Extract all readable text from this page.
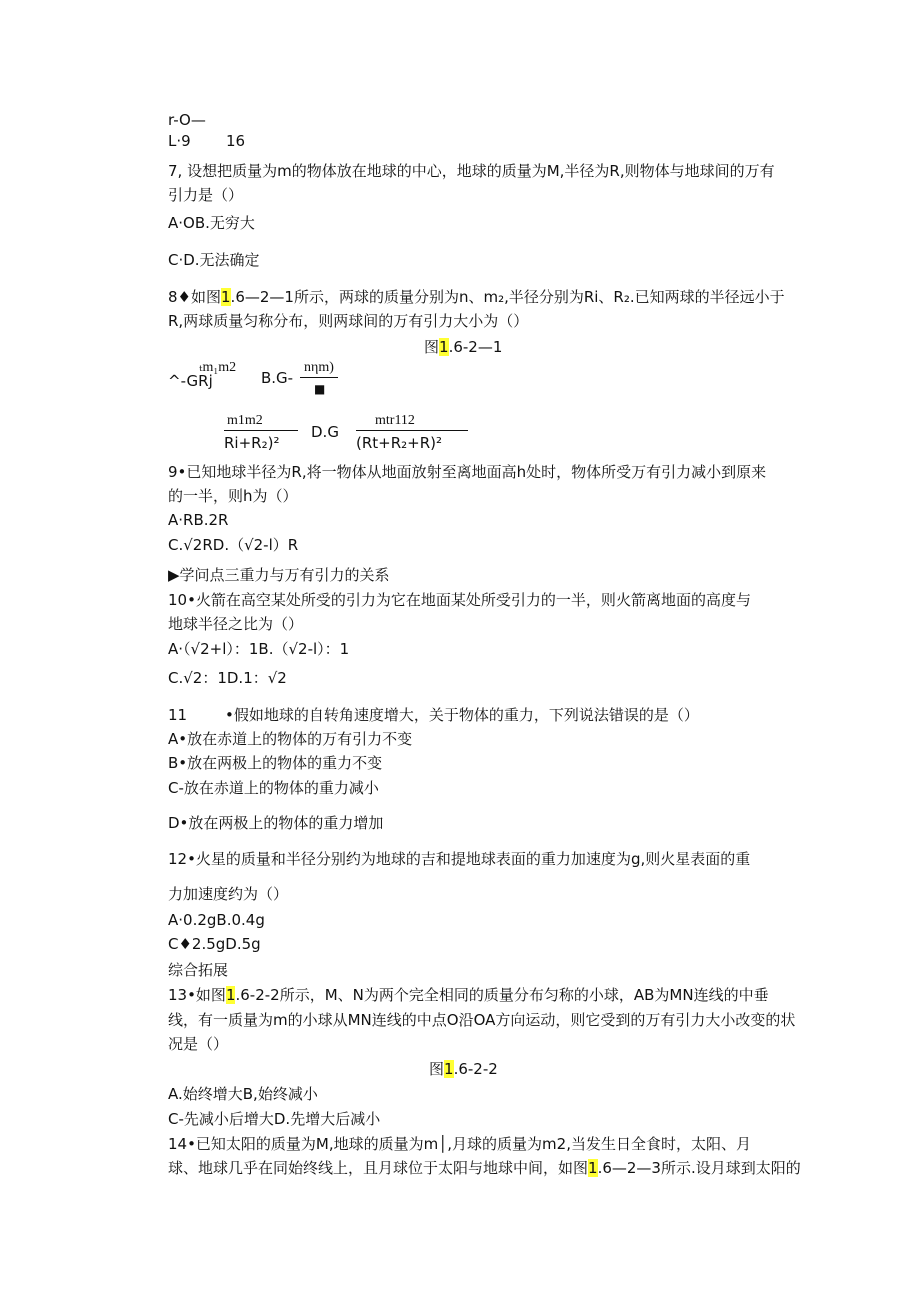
r-O—
L·9 16
7, 设想把质量为m的物体放在地球的中心，地球的质量为M,半径为R,则物体与地球间的万有
引力是（）
A·OB.无穷大
C·D.无法确定
8♦如图1.6—2—1所示，两球的质量分别为n、m₂,半径分别为Ri、R₂.已知两球的半径远小于
R,两球质量匀称分布，则两球间的万有引力大小为（）
图1.6-2—1
ₜm₁m2
^-GRj	B.G-
nηm)
■
m1m2
Ri+R₂)²
D.G
mtr112
(Rt+R₂+R)²
9•已知地球半径为R,将一物体从地面放射至离地面高h处时，物体所受万有引力减小到原来
的一半，则h为（）
A·RB.2R
C.√2RD.（√2-l）R
▶学问点三重力与万有引力的关系
10•火箭在高空某处所受的引力为它在地面某处所受引力的一半，则火箭离地面的高度与
地球半径之比为（）
A·（√2+l）：1B.（√2-l）：1
C.√2：1D.1：√2
11	•假如地球的自转角速度增大，关于物体的重力，下列说法错误的是（）
A•放在赤道上的物体的万有引力不变
B•放在两极上的物体的重力不变
C-放在赤道上的物体的重力减小
D•放在两极上的物体的重力增加
12•火星的质量和半径分别约为地球的吉和提地球表面的重力加速度为g,则火星表面的重
力加速度约为（）
A·0.2gB.0.4g
C♦2.5gD.5g
综合拓展
13•如图1.6-2-2所示，M、N为两个完全相同的质量分布匀称的小球，AB为MN连线的中垂
线，有一质量为m的小球从MN连线的中点O沿OA方向运动，则它受到的万有引力大小改变的状
况是（）
图1.6-2-2
A.始终增大B,始终减小
C-先减小后增大D.先增大后减小
14•已知太阳的质量为M,地球的质量为m│,月球的质量为m2,当发生日全食时，太阳、月
球、地球几乎在同始终线上，且月球位于太阳与地球中间，如图1.6—2—3所示.设月球到太阳的
